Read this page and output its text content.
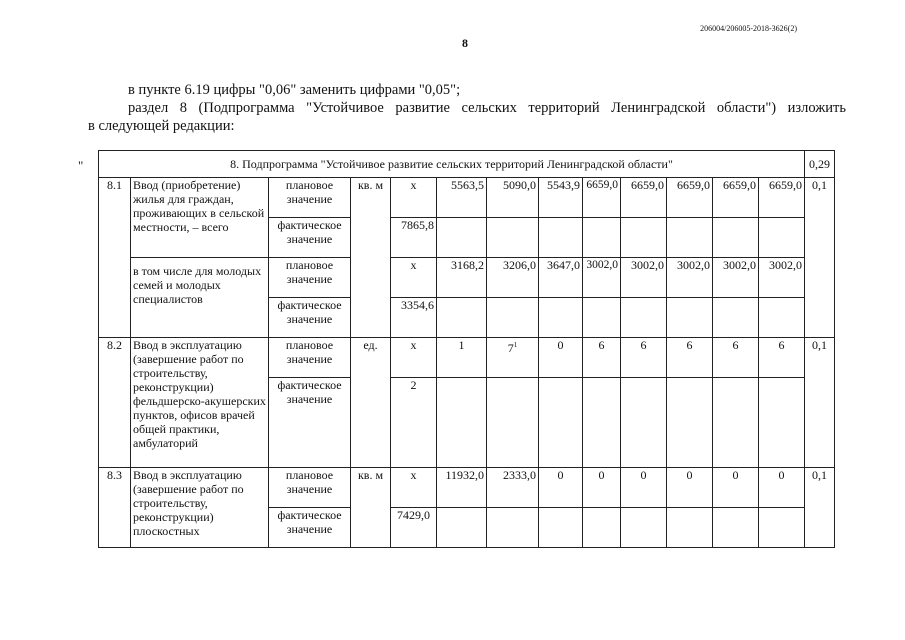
206004/206005-2018-3626(2)
8
в пункте 6.19 цифры "0,06" заменить цифрами "0,05";
раздел 8 (Подпрограмма "Устойчивое развитие сельских территорий Ленинградской области") изложить
в следующей редакции:
"	8. Подпрограмма "Устойчивое развитие сельских территорий Ленинградской области"													0,29
8.1	Ввод (приобретение) жилья для граждан, проживающих в сельской местности, – всего	плановое значение	кв. м	х	5563,5	5090,0	5543,9	6659,0	6659,0	6659,0	6659,0	6659,0	0,1
		фактическое значение		7865,8									
	в том числе для молодых семей и молодых специалистов	плановое значение		х	3168,2	3206,0	3647,0	3002,0	3002,0	3002,0	3002,0	3002,0	
		фактическое значение		3354,6									
8.2	Ввод в эксплуатацию (завершение работ по строительству, реконструкции) фельдшерско-акушерских пунктов, офисов врачей общей практики, амбулаторий	плановое значение	ед.	х	1	$7^1$	0	6	6	6	6	6	0,1
		фактическое значение		2									
8.3	Ввод в эксплуатацию (завершение работ по строительству, реконструкции) плоскостных	плановое значение	кв. м	х	11932,0	2333,0	0	0	0	0	0	0	0,1
		фактическое значение		7429,0									
